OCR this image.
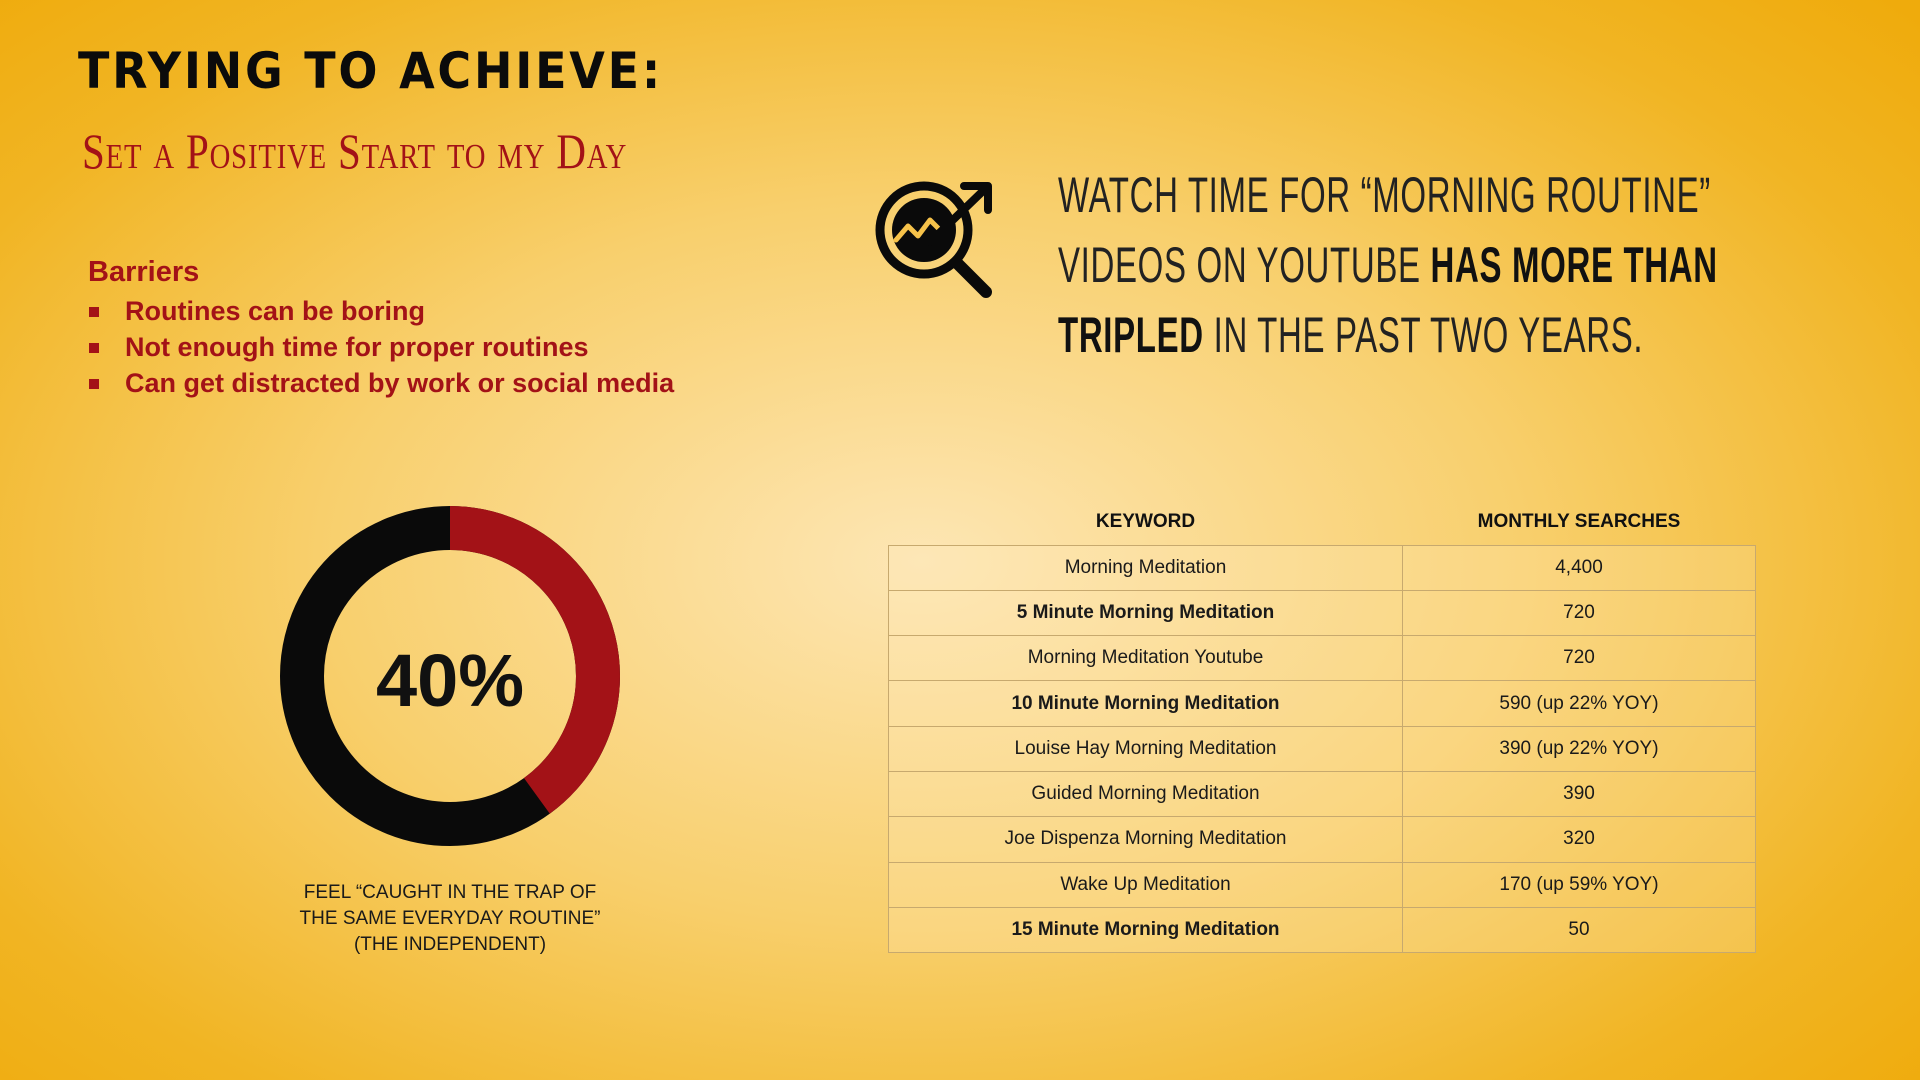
TRYING TO ACHIEVE:
Set a Positive Start to my Day
Barriers
Routines can be boring
Not enough time for proper routines
Can get distracted by work or social media
WATCH TIME FOR “MORNING ROUTINE” VIDEOS ON YOUTUBE HAS MORE THAN TRIPLED IN THE PAST TWO YEARS.
40%
FEEL “CAUGHT IN THE TRAP OF
THE SAME EVERYDAY ROUTINE”
(THE INDEPENDENT)
KEYWORD	MONTHLY SEARCHES
Morning Meditation	4,400
5 Minute Morning Meditation	720
Morning Meditation Youtube	720
10 Minute Morning Meditation	590 (up 22% YOY)
Louise Hay Morning Meditation	390 (up 22% YOY)
Guided Morning Meditation	390
Joe Dispenza Morning Meditation	320
Wake Up Meditation	170 (up 59% YOY)
15 Minute Morning Meditation	50
